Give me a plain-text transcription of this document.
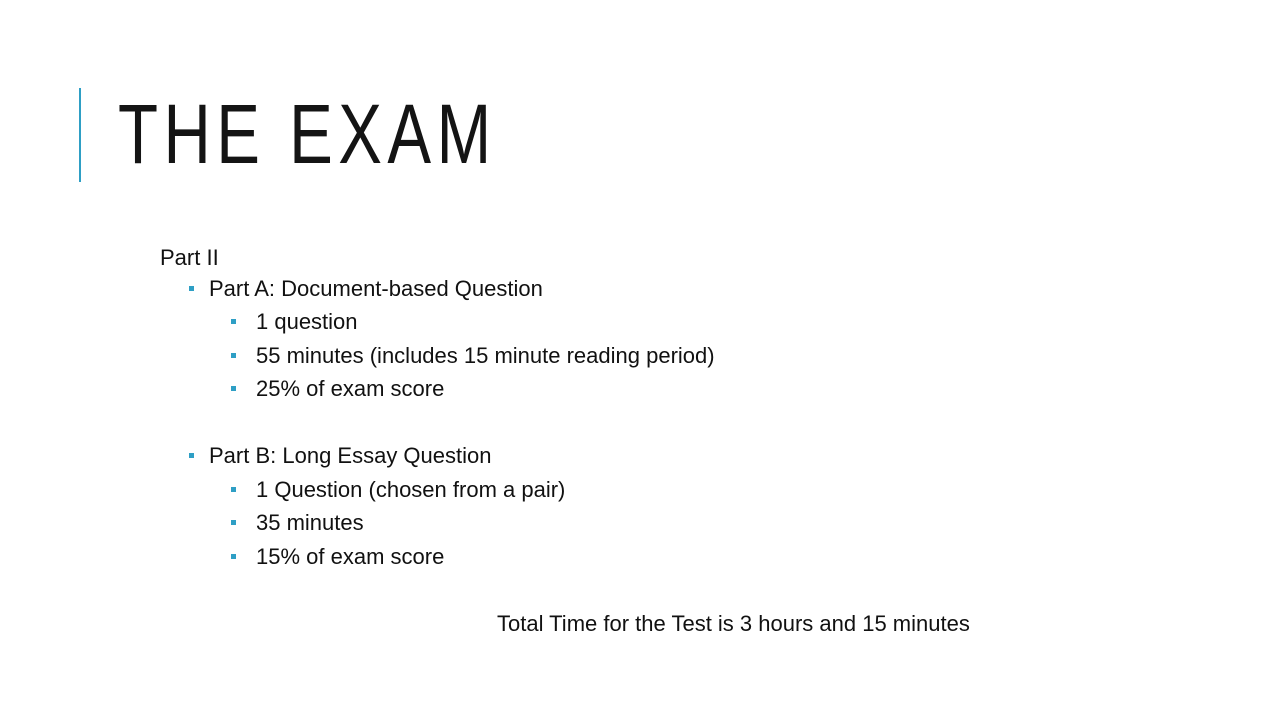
THE EXAM
Part II
Part A: Document-based Question
1 question
55 minutes (includes 15 minute reading period)
25% of exam score
Part B: Long Essay Question
1 Question (chosen from a pair)
35 minutes
15% of exam score
Total Time for the Test is 3 hours and 15 minutes
